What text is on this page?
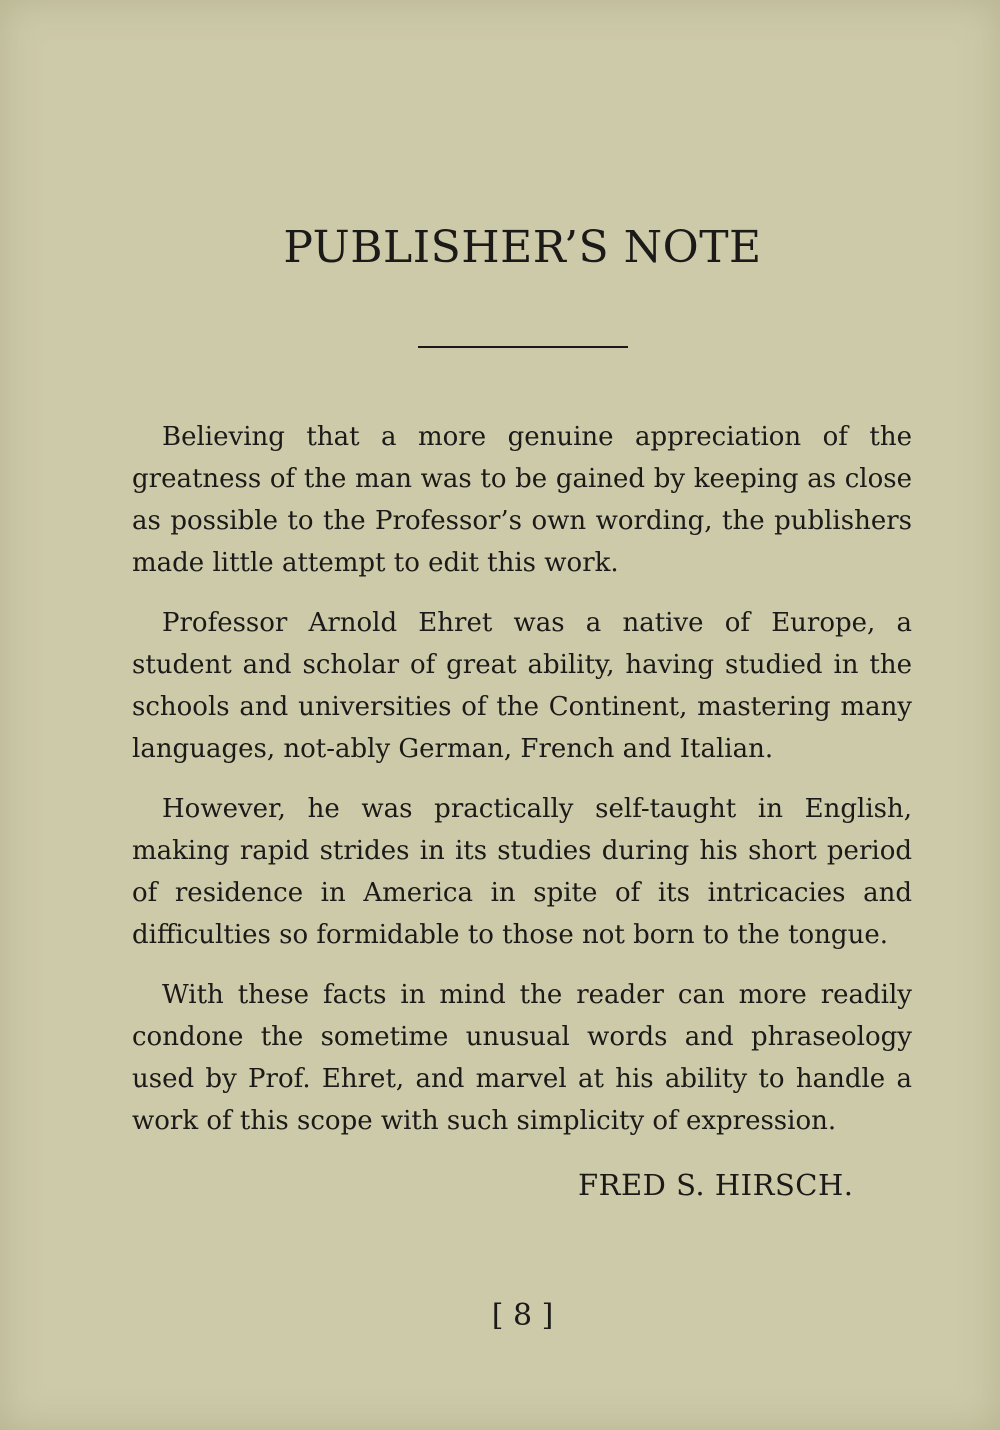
PUBLISHER’S NOTE

Believing that a more genuine appreciation of the greatness of the man was to be gained by keeping as close as possible to the Professor’s own wording, the publishers made little attempt to edit this work.

Professor Arnold Ehret was a native of Europe, a student and scholar of great ability, having studied in the schools and universities of the Continent, mastering many languages, not-ably German, French and Italian.

However, he was practically self-taught in English, making rapid strides in its studies during his short period of residence in America in spite of its intricacies and difficulties so formidable to those not born to the tongue.

With these facts in mind the reader can more readily condone the sometime unusual words and phraseology used by Prof. Ehret, and marvel at his ability to handle a work of this scope with such simplicity of expression.

FRED S. HIRSCH.
[ 8 ]
